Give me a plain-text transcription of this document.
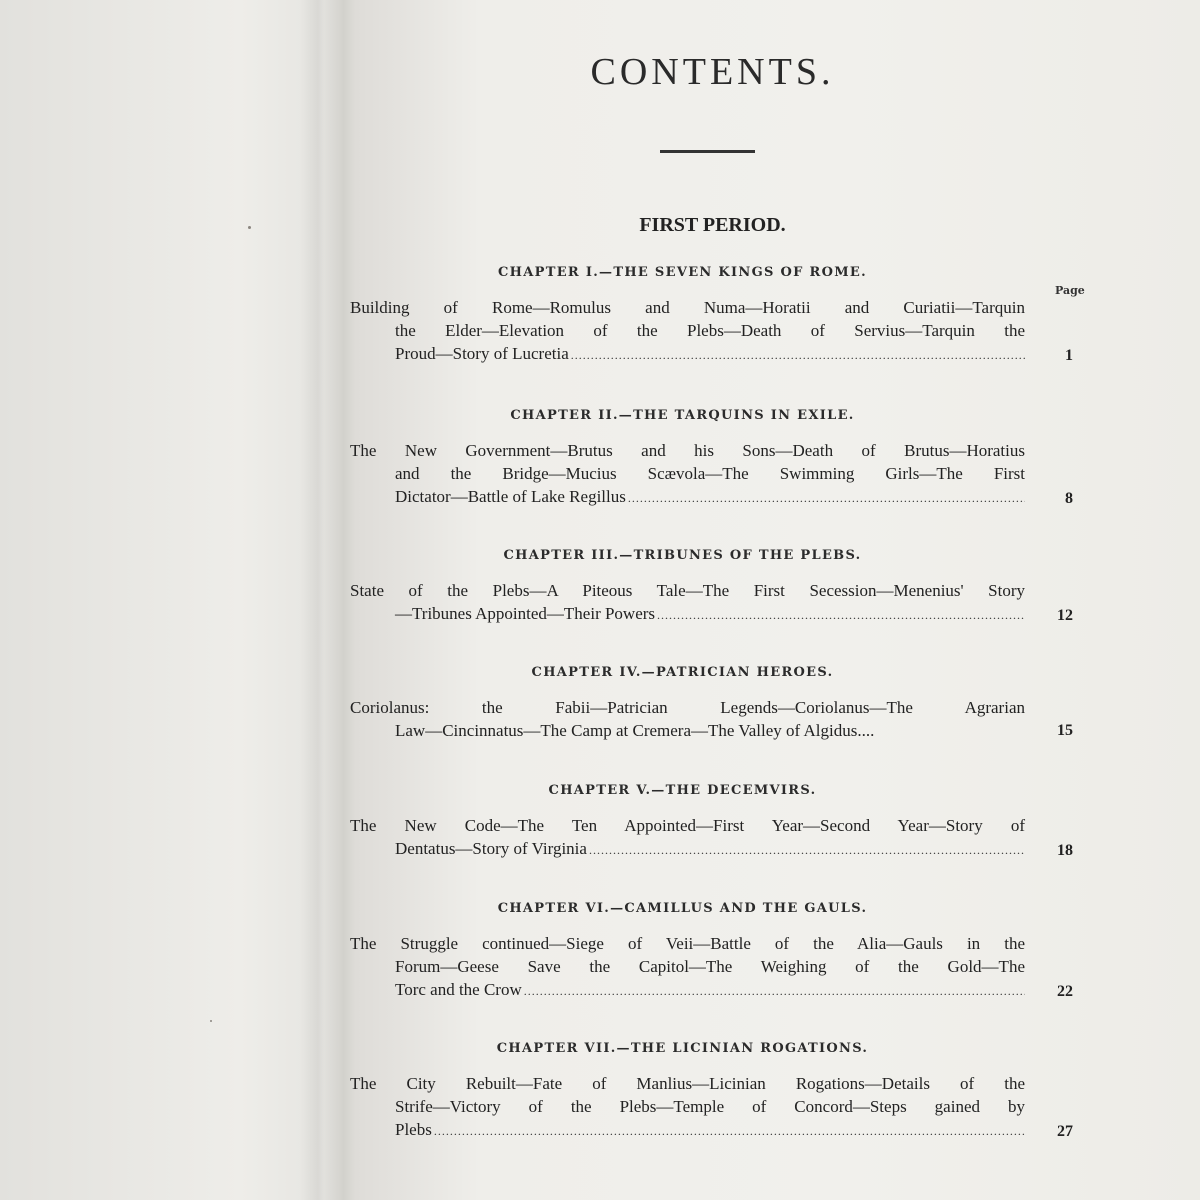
CONTENTS.
FIRST PERIOD.
Page
CHAPTER I.—THE SEVEN KINGS OF ROME.
Building of Rome—Romulus and Numa—Horatii and Curiatii—Tarquin
the Elder—Elevation of the Plebs—Death of Servius—Tarquin the
Proud—Story of Lucretia .....	1
CHAPTER II.—THE TARQUINS IN EXILE.
The New Government—Brutus and his Sons—Death of Brutus—Horatius
and the Bridge—Mucius Scævola—The Swimming Girls—The First
Dictator—Battle of Lake Regillus .....	8
CHAPTER III.—TRIBUNES OF THE PLEBS.
State of the Plebs—A Piteous Tale—The First Secession—Menenius' Story
—Tribunes Appointed—Their Powers .....	12
CHAPTER IV.—PATRICIAN HEROES.
Coriolanus: the Fabii—Patrician Legends—Coriolanus—The Agrarian
Law—Cincinnatus—The Camp at Cremera—The Valley of Algidus....	15
CHAPTER V.—THE DECEMVIRS.
The New Code—The Ten Appointed—First Year—Second Year—Story of
Dentatus—Story of Virginia .....	18
CHAPTER VI.—CAMILLUS AND THE GAULS.
The Struggle continued—Siege of Veii—Battle of the Alia—Gauls in the
Forum—Geese Save the Capitol—The Weighing of the Gold—The
Torc and the Crow .....	22
CHAPTER VII.—THE LICINIAN ROGATIONS.
The City Rebuilt—Fate of Manlius—Licinian Rogations—Details of the
Strife—Victory of the Plebs—Temple of Concord—Steps gained by
Plebs .....	27
